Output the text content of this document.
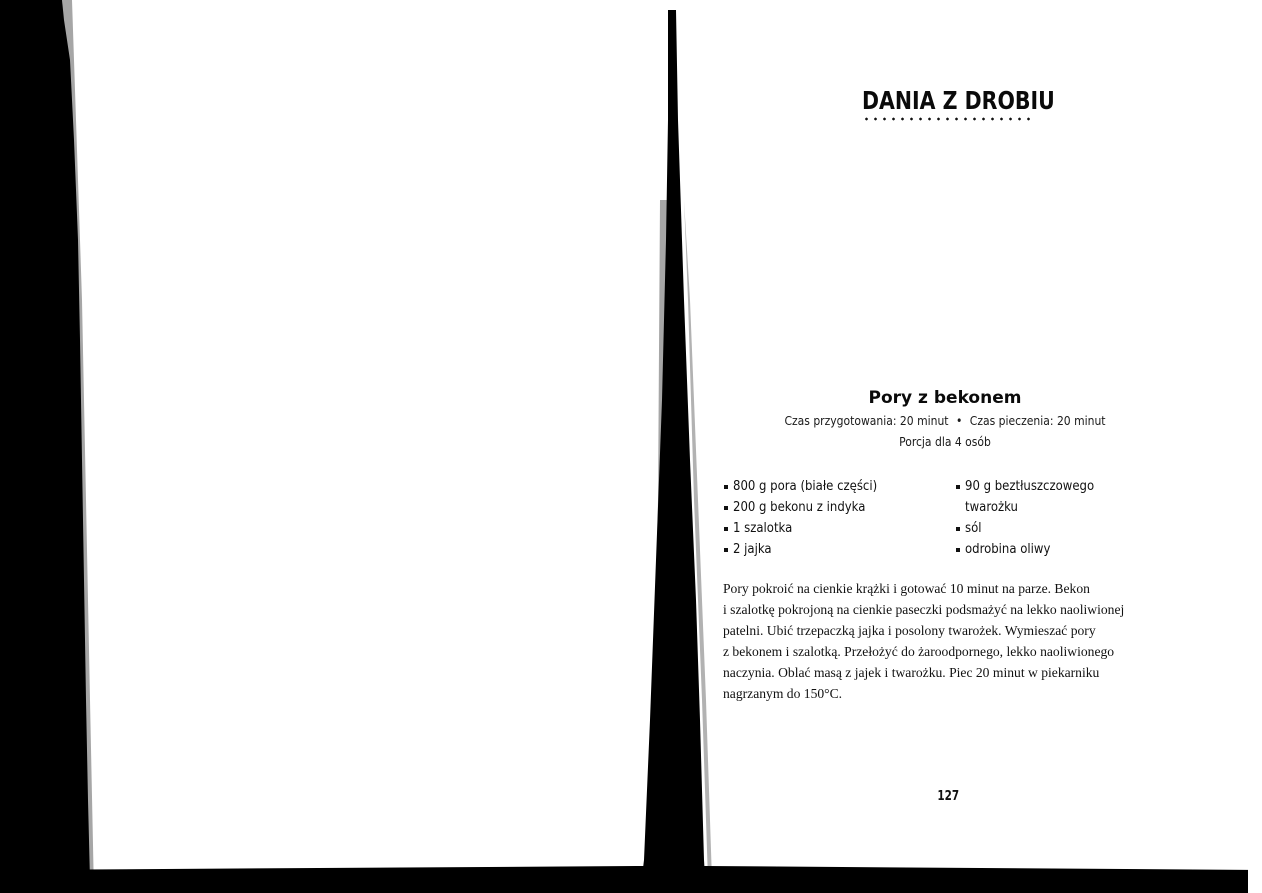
DANIA Z DROBIU
Pory z bekonem
Czas przygotowania: 20 minut • Czas pieczenia: 20 minut
Porcja dla 4 osób
800 g pora (białe części)
200 g bekonu z indyka
1 szalotka
2 jajka
90 g beztłuszczowego
twarożku
sól
odrobina oliwy

Pory pokroić na cienkie krążki i gotować 10 minut na parze. Bekon
i szalotkę pokrojoną na cienkie paseczki podsmażyć na lekko naoliwionej
patelni. Ubić trzepaczką jajka i posolony twarożek. Wymieszać pory
z bekonem i szalotką. Przełożyć do żaroodpornego, lekko naoliwionego
naczynia. Oblać masą z jajek i twarożku. Piec 20 minut w piekarniku
nagrzanym do 150°C.

127
